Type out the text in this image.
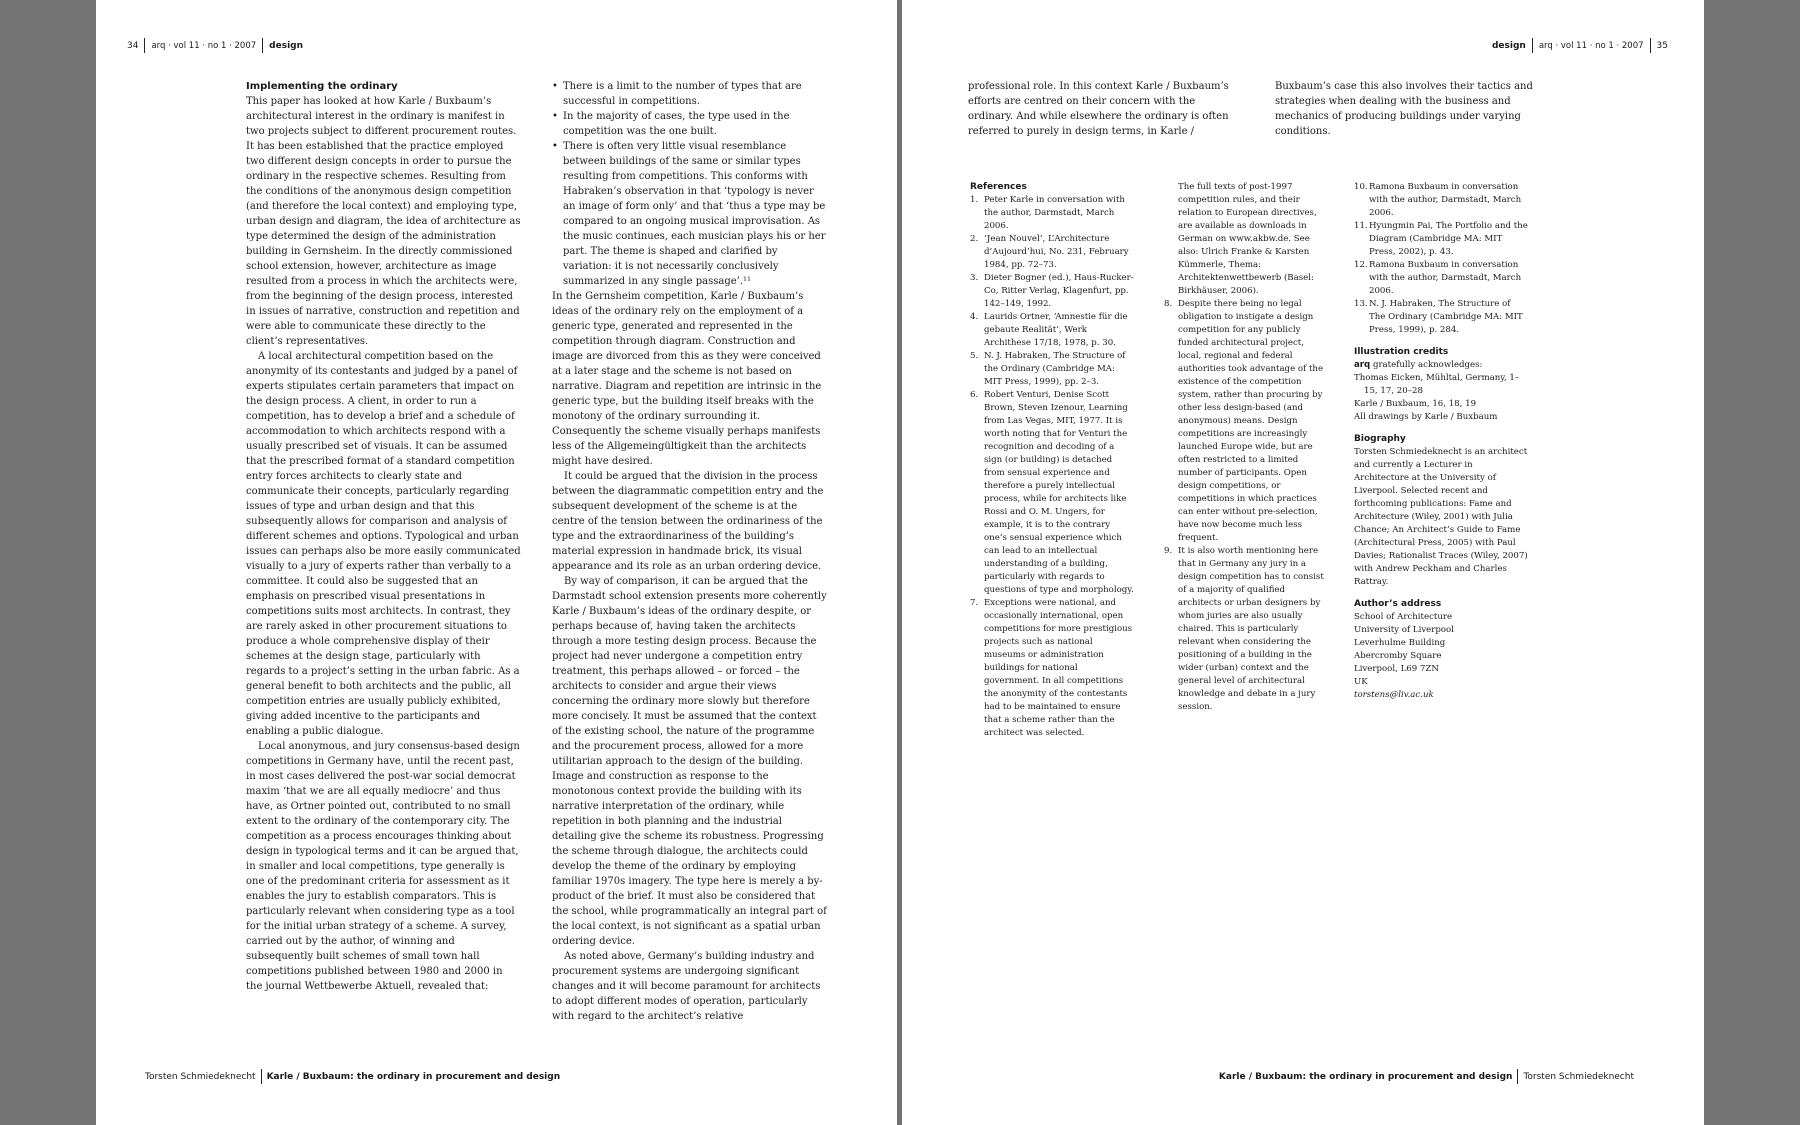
34 arq · vol 11 · no 1 · 2007 design
Implementing the ordinary

This paper has looked at how Karle / Buxbaum’s architectural interest in the ordinary is manifest in two projects subject to different procurement routes. It has been established that the practice employed two different design concepts in order to pursue the ordinary in the respective schemes. Resulting from the conditions of the anonymous design competition (and therefore the local context) and employing type, urban design and diagram, the idea of architecture as type determined the design of the administration building in Gernsheim. In the directly commissioned school extension, however, architecture as image resulted from a process in which the architects were, from the beginning of the design process, interested in issues of narrative, construction and repetition and were able to communicate these directly to the client’s representatives.

A local architectural competition based on the anonymity of its contestants and judged by a panel of experts stipulates certain parameters that impact on the design process. A client, in order to run a competition, has to develop a brief and a schedule of accommodation to which architects respond with a usually prescribed set of visuals. It can be assumed that the prescribed format of a standard competition entry forces architects to clearly state and communicate their concepts, particularly regarding issues of type and urban design and that this subsequently allows for comparison and analysis of different schemes and options. Typological and urban issues can perhaps also be more easily communicated visually to a jury of experts rather than verbally to a committee. It could also be suggested that an emphasis on prescribed visual presentations in competitions suits most architects. In contrast, they are rarely asked in other procurement situations to produce a whole comprehensive display of their schemes at the design stage, particularly with regards to a project’s setting in the urban fabric. As a general benefit to both architects and the public, all competition entries are usually publicly exhibited, giving added incentive to the participants and enabling a public dialogue.

Local anonymous, and jury consensus-based design competitions in Germany have, until the recent past, in most cases delivered the post-war social democrat maxim ‘that we are all equally mediocre’ and thus have, as Ortner pointed out, contributed to no small extent to the ordinary of the contemporary city. The competition as a process encourages thinking about design in typological terms and it can be argued that, in smaller and local competitions, type generally is one of the predominant criteria for assessment as it enables the jury to establish comparators. This is particularly relevant when considering type as a tool for the initial urban strategy of a scheme. A survey, carried out by the author, of winning and subsequently built schemes of small town hall competitions published between 1980 and 2000 in the journal Wettbewerbe Aktuell, revealed that:

• There is a limit to the number of types that are successful in competitions.
• In the majority of cases, the type used in the competition was the one built.
• There is often very little visual resemblance between buildings of the same or similar types resulting from competitions. This conforms with Habraken’s observation in that ‘typology is never an image of form only’ and that ‘thus a type may be compared to an ongoing musical improvisation. As the music continues, each musician plays his or her part. The theme is shaped and clarified by variation: it is not necessarily conclusively summarized in any single passage’.¹¹

In the Gernsheim competition, Karle / Buxbaum’s ideas of the ordinary rely on the employment of a generic type, generated and represented in the competition through diagram. Construction and image are divorced from this as they were conceived at a later stage and the scheme is not based on narrative. Diagram and repetition are intrinsic in the generic type, but the building itself breaks with the monotony of the ordinary surrounding it. Consequently the scheme visually perhaps manifests less of the Allgemeingültigkeit than the architects might have desired.

It could be argued that the division in the process between the diagrammatic competition entry and the subsequent development of the scheme is at the centre of the tension between the ordinariness of the type and the extraordinariness of the building’s material expression in handmade brick, its visual appearance and its role as an urban ordering device.

By way of comparison, it can be argued that the Darmstadt school extension presents more coherently Karle / Buxbaum’s ideas of the ordinary despite, or perhaps because of, having taken the architects through a more testing design process. Because the project had never undergone a competition entry treatment, this perhaps allowed – or forced – the architects to consider and argue their views concerning the ordinary more slowly but therefore more concisely. It must be assumed that the context of the existing school, the nature of the programme and the procurement process, allowed for a more utilitarian approach to the design of the building. Image and construction as response to the monotonous context provide the building with its narrative interpretation of the ordinary, while repetition in both planning and the industrial detailing give the scheme its robustness. Progressing the scheme through dialogue, the architects could develop the theme of the ordinary by employing familiar 1970s imagery. The type here is merely a by-product of the brief. It must also be considered that the school, while programmatically an integral part of the local context, is not significant as a spatial urban ordering device.

As noted above, Germany’s building industry and procurement systems are undergoing significant changes and it will become paramount for architects to adopt different modes of operation, particularly with regard to the architect’s relative

Torsten Schmiedeknecht Karle / Buxbaum: the ordinary in procurement and design
design arq · vol 11 · no 1 · 2007 35

professional role. In this context Karle / Buxbaum’s efforts are centred on their concern with the ordinary. And while elsewhere the ordinary is often referred to purely in design terms, in Karle /

Buxbaum’s case this also involves their tactics and strategies when dealing with the business and mechanics of producing buildings under varying conditions.

References
1. Peter Karle in conversation with the author, Darmstadt, March 2006.
2. ‘Jean Nouvel’, L’Architecture d’Aujourd’hui, No. 231, February 1984, pp. 72–73.
3. Dieter Bogner (ed.), Haus-Rucker-Co, Ritter Verlag, Klagenfurt, pp. 142–149, 1992.
4. Laurids Ortner, ‘Amnestie für die gebaute Realität’, Werk Archithese 17/18, 1978, p. 30.
5. N. J. Habraken, The Structure of the Ordinary (Cambridge MA: MIT Press, 1999), pp. 2–3.
6. Robert Venturi, Denise Scott Brown, Steven Izenour, Learning from Las Vegas, MIT, 1977. It is worth noting that for Venturi the recognition and decoding of a sign (or building) is detached from sensual experience and therefore a purely intellectual process, while for architects like Rossi and O. M. Ungers, for example, it is to the contrary one’s sensual experience which can lead to an intellectual understanding of a building, particularly with regards to questions of type and morphology.
7. Exceptions were national, and occasionally international, open competitions for more prestigious projects such as national museums or administration buildings for national government. In all competitions the anonymity of the contestants had to be maintained to ensure that a scheme rather than the architect was selected.

The full texts of post-1997 competition rules, and their relation to European directives, are available as downloads in German on www.akbw.de. See also: Ulrich Franke & Karsten Kümmerle, Thema: Architektenwettbewerb (Basel: Birkhäuser, 2006).

8. Despite there being no legal obligation to instigate a design competition for any publicly funded architectural project, local, regional and federal authorities took advantage of the existence of the competition system, rather than procuring by other less design-based (and anonymous) means. Design competitions are increasingly launched Europe wide, but are often restricted to a limited number of participants. Open design competitions, or competitions in which practices can enter without pre-selection, have now become much less frequent.
9. It is also worth mentioning here that in Germany any jury in a design competition has to consist of a majority of qualified architects or urban designers by whom juries are also usually chaired. This is particularly relevant when considering the positioning of a building in the wider (urban) context and the general level of architectural knowledge and debate in a jury session.
10. Ramona Buxbaum in conversation with the author, Darmstadt, March 2006.
11. Hyungmin Pai, The Portfolio and the Diagram (Cambridge MA: MIT Press, 2002), p. 43.
12. Ramona Buxbaum in conversation with the author, Darmstadt, March 2006.
13. N. J. Habraken, The Structure of The Ordinary (Cambridge MA: MIT Press, 1999), p. 284.
Illustration credits

arq gratefully acknowledges:

Thomas Eicken, Mühltal, Germany, 1–15, 17, 20–28

Karle / Buxbaum, 16, 18, 19

All drawings by Karle / Buxbaum

Biography

Torsten Schmiedeknecht is an architect and currently a Lecturer in Architecture at the University of Liverpool. Selected recent and forthcoming publications: Fame and Architecture (Wiley, 2001) with Julia Chance; An Architect’s Guide to Fame (Architectural Press, 2005) with Paul Davies; Rationalist Traces (Wiley, 2007) with Andrew Peckham and Charles Rattray.

Author’s address

School of Architecture

University of Liverpool

Leverhulme Building

Abercromby Square

Liverpool, L69 7ZN

UK

torstens@liv.ac.uk

Karle / Buxbaum: the ordinary in procurement and design Torsten Schmiedeknecht
